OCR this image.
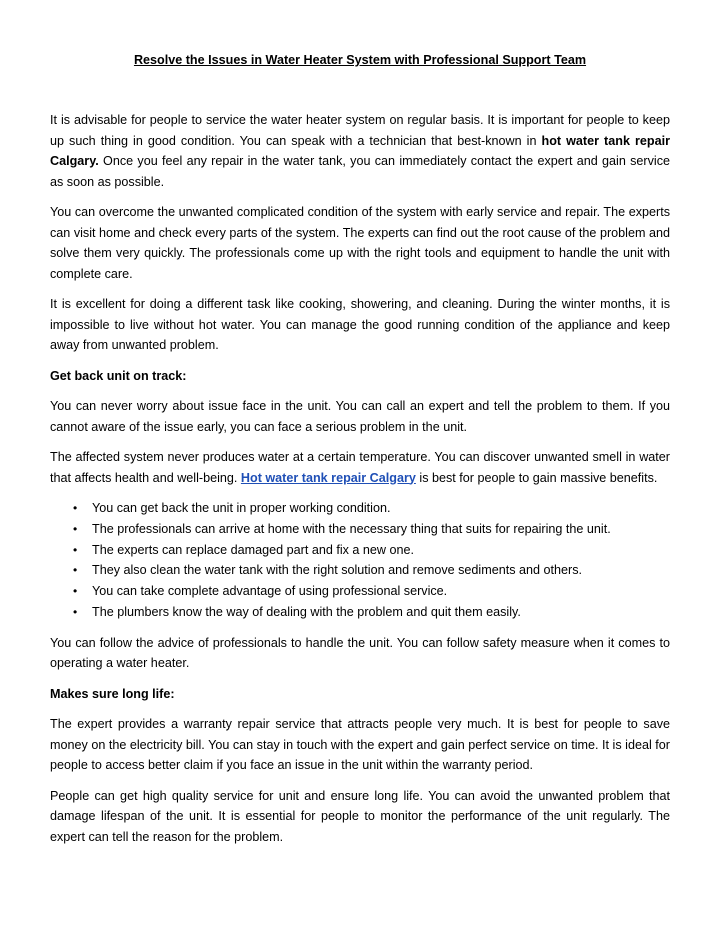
Resolve the Issues in Water Heater System with Professional Support Team

It is advisable for people to service the water heater system on regular basis. It is important for people to keep up such thing in good condition. You can speak with a technician that best-known in hot water tank repair Calgary. Once you feel any repair in the water tank, you can immediately contact the expert and gain service as soon as possible.

You can overcome the unwanted complicated condition of the system with early service and repair. The experts can visit home and check every parts of the system. The experts can find out the root cause of the problem and solve them very quickly. The professionals come up with the right tools and equipment to handle the unit with complete care.

It is excellent for doing a different task like cooking, showering, and cleaning. During the winter months, it is impossible to live without hot water. You can manage the good running condition of the appliance and keep away from unwanted problem.

Get back unit on track:

You can never worry about issue face in the unit. You can call an expert and tell the problem to them. If you cannot aware of the issue early, you can face a serious problem in the unit.

The affected system never produces water at a certain temperature. You can discover unwanted smell in water that affects health and well-being. Hot water tank repair Calgary is best for people to gain massive benefits.

• You can get back the unit in proper working condition.
• The professionals can arrive at home with the necessary thing that suits for repairing the unit.
• The experts can replace damaged part and fix a new one.
• They also clean the water tank with the right solution and remove sediments and others.
• You can take complete advantage of using professional service.
• The plumbers know the way of dealing with the problem and quit them easily.

You can follow the advice of professionals to handle the unit. You can follow safety measure when it comes to operating a water heater.

Makes sure long life:

The expert provides a warranty repair service that attracts people very much. It is best for people to save money on the electricity bill. You can stay in touch with the expert and gain perfect service on time. It is ideal for people to access better claim if you face an issue in the unit within the warranty period.

People can get high quality service for unit and ensure long life. You can avoid the unwanted problem that damage lifespan of the unit. It is essential for people to monitor the performance of the unit regularly. The expert can tell the reason for the problem.
